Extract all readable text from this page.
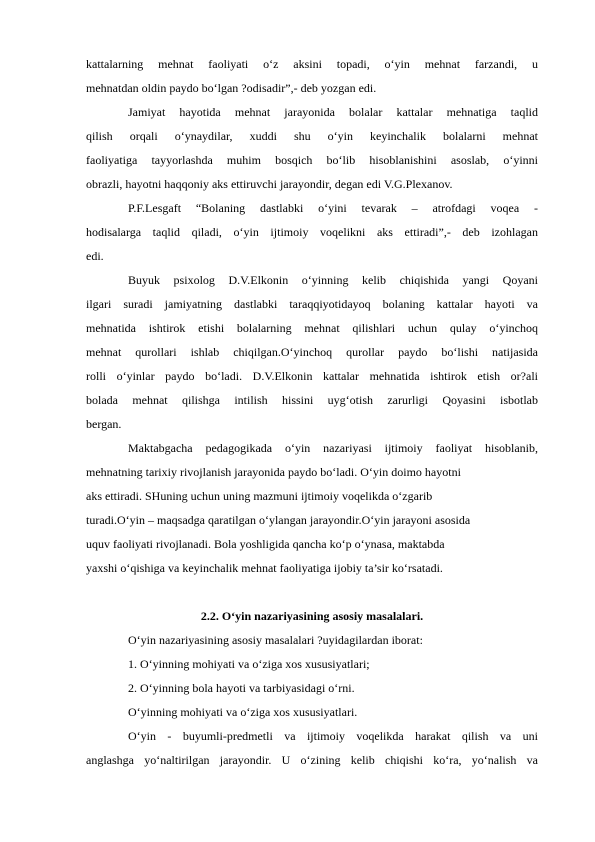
kattalarning mehnat faoliyati o‘z aksini topadi, o‘yin mehnat farzandi, u
mehnatdan oldin paydo bo‘lgan ?odisadir”,- deb yozgan edi.
Jamiyat hayotida mehnat jarayonida bolalar kattalar mehnatiga taqlid
qilish orqali o‘ynaydilar, xuddi shu o‘yin keyinchalik bolalarni mehnat
faoliyatiga tayyorlashda muhim bosqich bo‘lib hisoblanishini asoslab, o‘yinni
obrazli, hayotni haqqoniy aks ettiruvchi jarayondir, degan edi V.G.Plexanov.
P.F.Lesgaft “Bolaning dastlabki o‘yini tevarak – atrofdagi voqea -
hodisalarga taqlid qiladi, o‘yin ijtimoiy voqelikni aks ettiradi”,- deb izohlagan
edi.
Buyuk psixolog D.V.Elkonin o‘yinning kelib chiqishida yangi Qoyani
ilgari suradi jamiyatning dastlabki taraqqiyotidayoq bolaning kattalar hayoti va
mehnatida ishtirok etishi bolalarning mehnat qilishlari uchun qulay o‘yinchoq
mehnat qurollari ishlab chiqilgan.O‘yinchoq qurollar paydo bo‘lishi natijasida
rolli o‘yinlar paydo bo‘ladi. D.V.Elkonin kattalar mehnatida ishtirok etish or?ali
bolada mehnat qilishga intilish hissini uyg‘otish zarurligi Qoyasini isbotlab
bergan.
Maktabgacha pedagogikada o‘yin nazariyasi ijtimoiy faoliyat hisoblanib,
mehnatning tarixiy rivojlanish jarayonida paydo bo‘ladi. O‘yin doimo hayotni
aks ettiradi. SHuning uchun uning mazmuni ijtimoiy voqelikda o‘zgarib
turadi.O‘yin – maqsadga qaratilgan o‘ylangan jarayondir.O‘yin jarayoni asosida
uquv faoliyati rivojlanadi. Bola yoshligida qancha ko‘p o‘ynasa, maktabda
yaxshi o‘qishiga va keyinchalik mehnat faoliyatiga ijobiy ta’sir ko‘rsatadi.
2.2. O‘yin nazariyasining asosiy masalalari.
O‘yin nazariyasining asosiy masalalari ?uyidagilardan iborat:
1. O‘yinning mohiyati va o‘ziga xos xususiyatlari;
2. O‘yinning bola hayoti va tarbiyasidagi o‘rni.
O‘yinning mohiyati va o‘ziga xos xususiyatlari.
O‘yin - buyumli-predmetli va ijtimoiy voqelikda harakat qilish va uni
anglashga yo‘naltirilgan jarayondir. U o‘zining kelib chiqishi ko‘ra, yo‘nalish va
